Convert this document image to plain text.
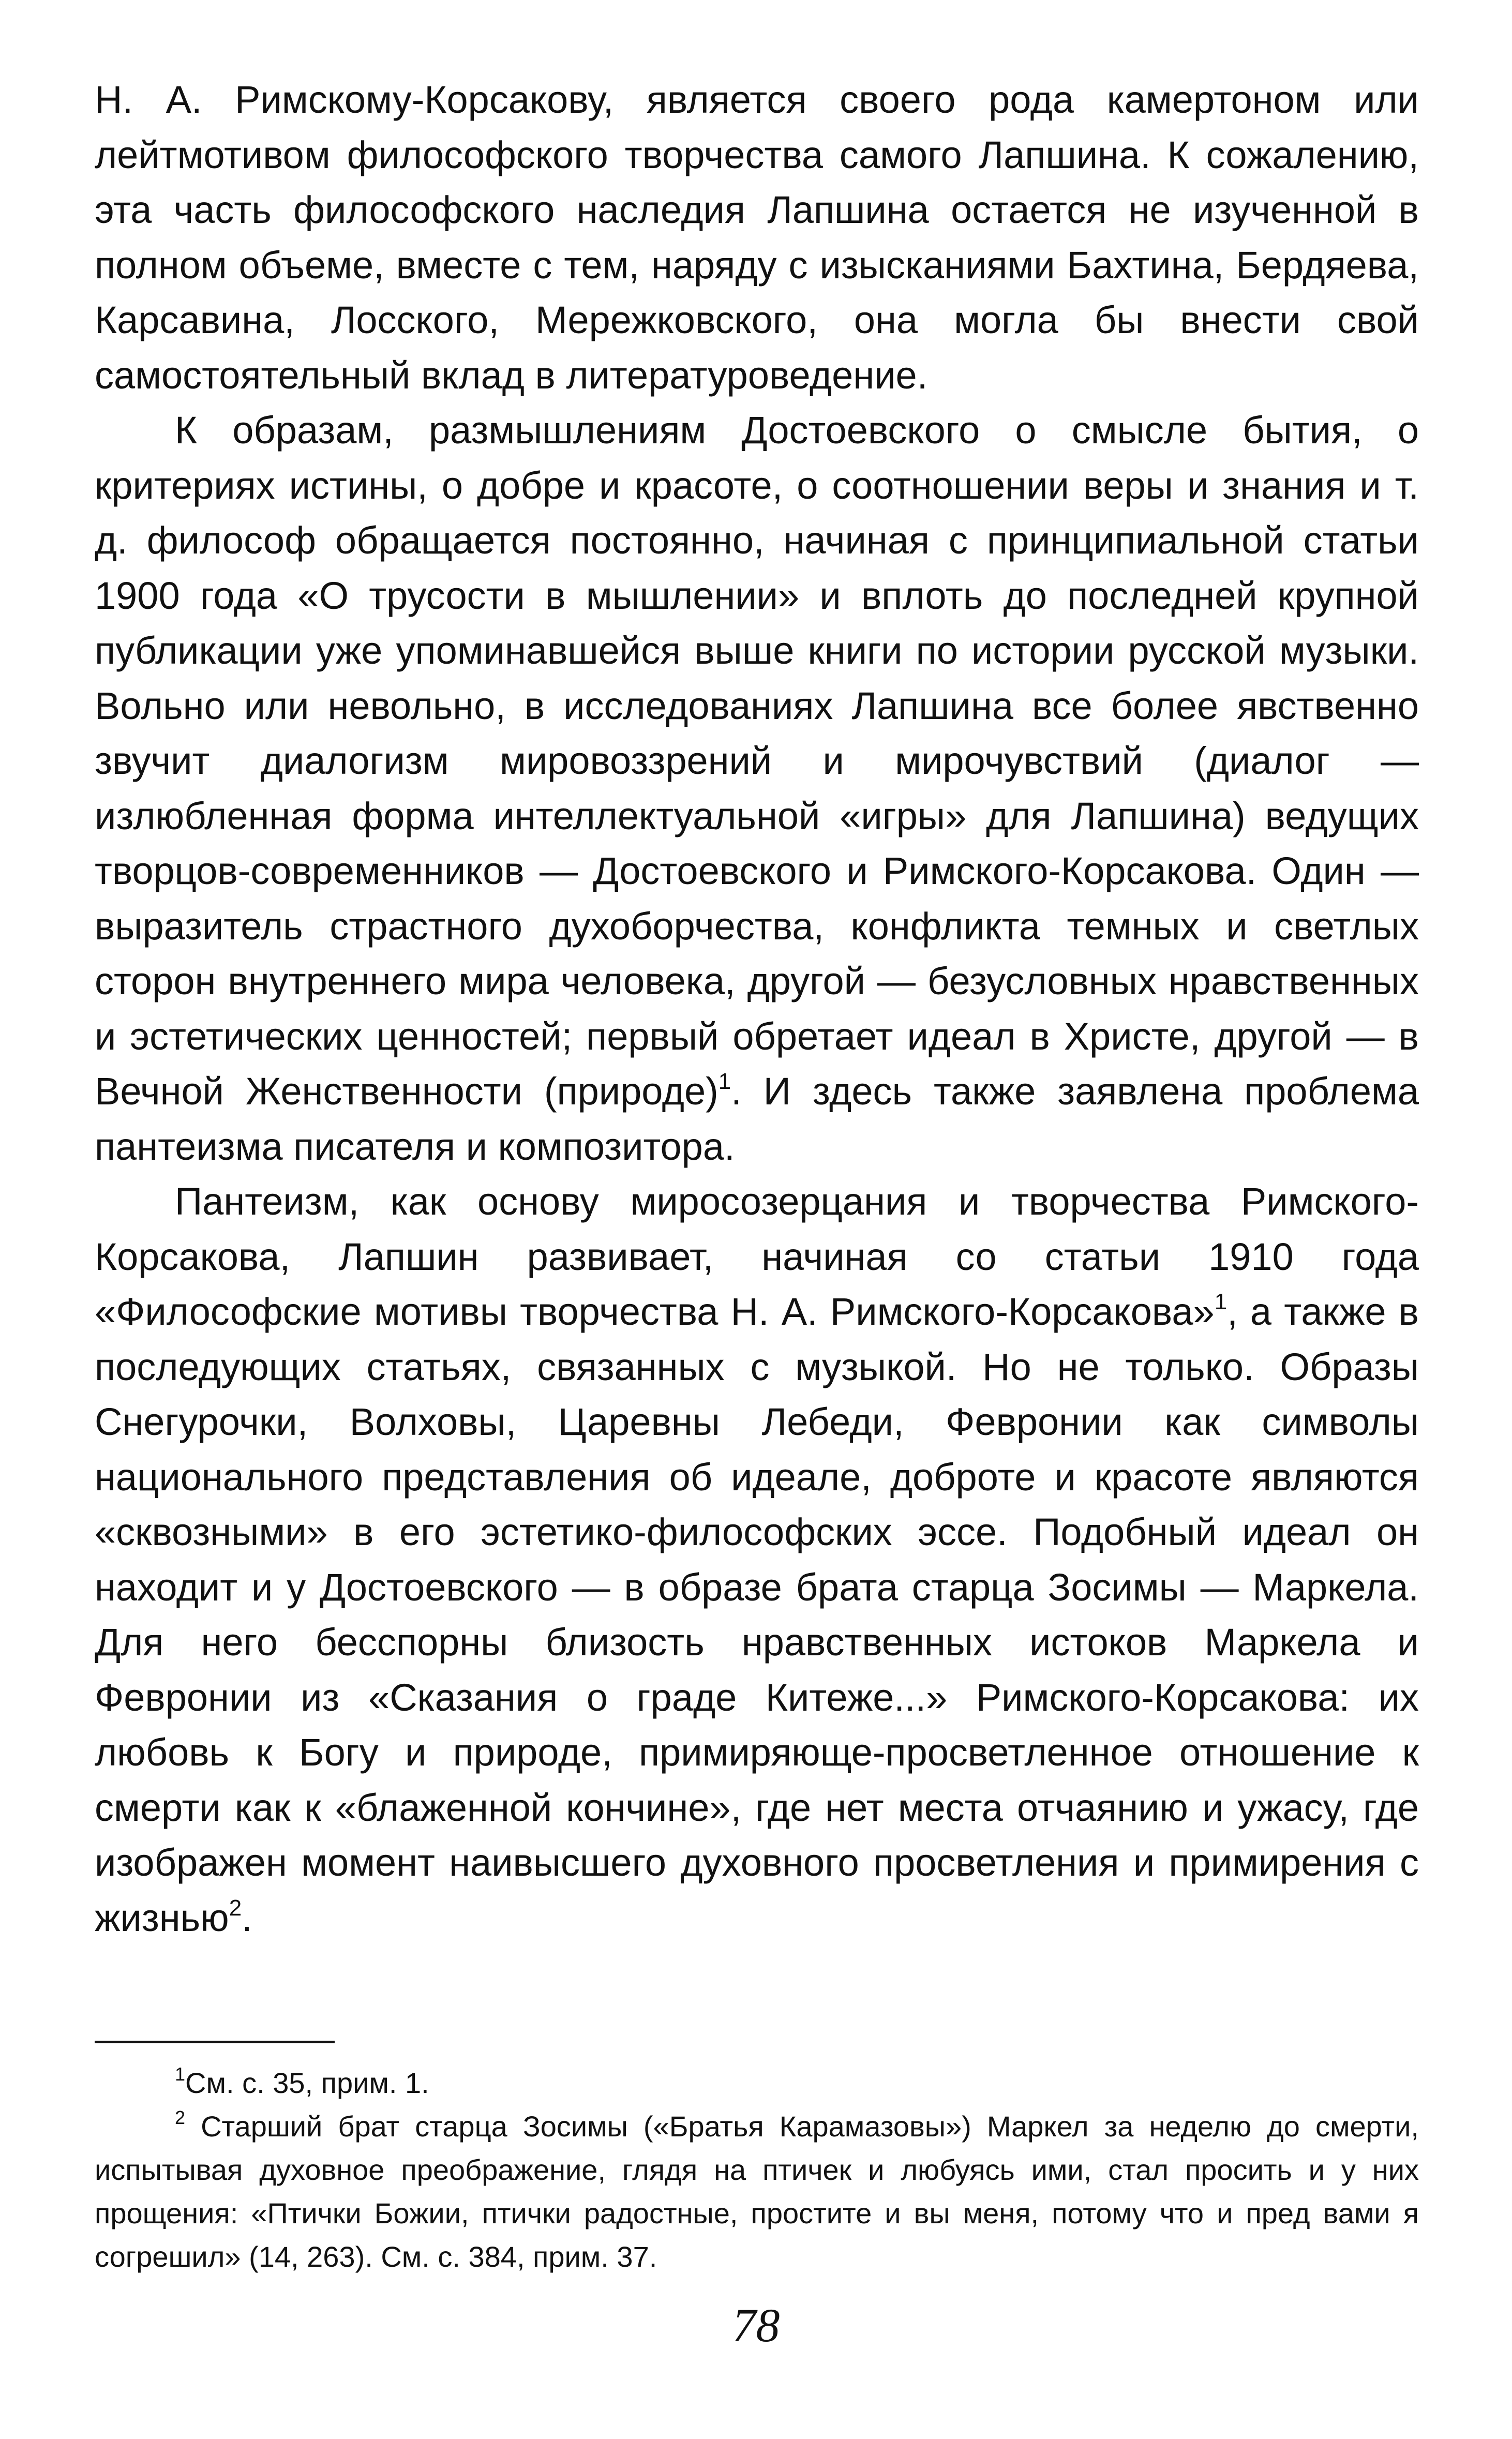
Н. А. Римскому-Корсакову, является своего рода камертоном или лейтмотивом философского творчества самого Лапшина. К сожалению, эта часть философского наследия Лапшина остается не изученной в полном объеме, вместе с тем, наряду с изысканиями Бахтина, Бердяева, Карсавина, Лосского, Мережковского, она могла бы внести свой самостоятельный вклад в литературоведение.

К образам, размышлениям Достоевского о смысле бытия, о критериях истины, о добре и красоте, о соотношении веры и знания и т. д. философ обращается постоянно, начиная с принципиальной статьи 1900 года «О трусости в мышлении» и вплоть до последней крупной публикации уже упоминавшейся выше книги по истории русской музыки. Вольно или невольно, в исследованиях Лапшина все более явственно звучит диалогизм мировоззрений и мирочувствий (диалог — излюбленная форма интеллектуальной «игры» для Лапшина) ведущих творцов-современников — Достоевского и Римского-Корсакова. Один — выразитель страстного духоборчества, конфликта темных и светлых сторон внутреннего мира человека, другой — безусловных нравственных и эстетических ценностей; первый обретает идеал в Христе, другой — в Вечной Женственности (природе)$^1$. И здесь также заявлена проблема пантеизма писателя и композитора.

Пантеизм, как основу миросозерцания и творчества Римского-Корсакова, Лапшин развивает, начиная со статьи 1910 года «Философские мотивы творчества Н. А. Римского-Корсакова»$^1$, а также в последующих статьях, связанных с музыкой. Но не только. Образы Снегурочки, Волховы, Царевны Лебеди, Февронии как символы национального представления об идеале, доброте и красоте являются «сквозными» в его эстетико-философских эссе. Подобный идеал он находит и у Достоевского — в образе брата старца Зосимы — Маркела. Для него бесспорны близость нравственных истоков Маркела и Февронии из «Сказания о граде Китеже...» Римского-Корсакова: их любовь к Богу и природе, примиряюще-просветленное отношение к смерти как к «блаженной кончине», где нет места отчаянию и ужасу, где изображен момент наивысшего духовного просветления и примирения с жизнью$^2$.

$^1$См. с. 35, прим. 1.

$^2$ Старший брат старца Зосимы («Братья Карамазовы») Маркел за неделю до смерти, испытывая духовное преображение, глядя на птичек и любуясь ими, стал просить и у них прощения: «Птички Божии, птички радостные, простите и вы меня, потому что и пред вами я согрешил» (14, 263). См. с. 384, прим. 37.

78
